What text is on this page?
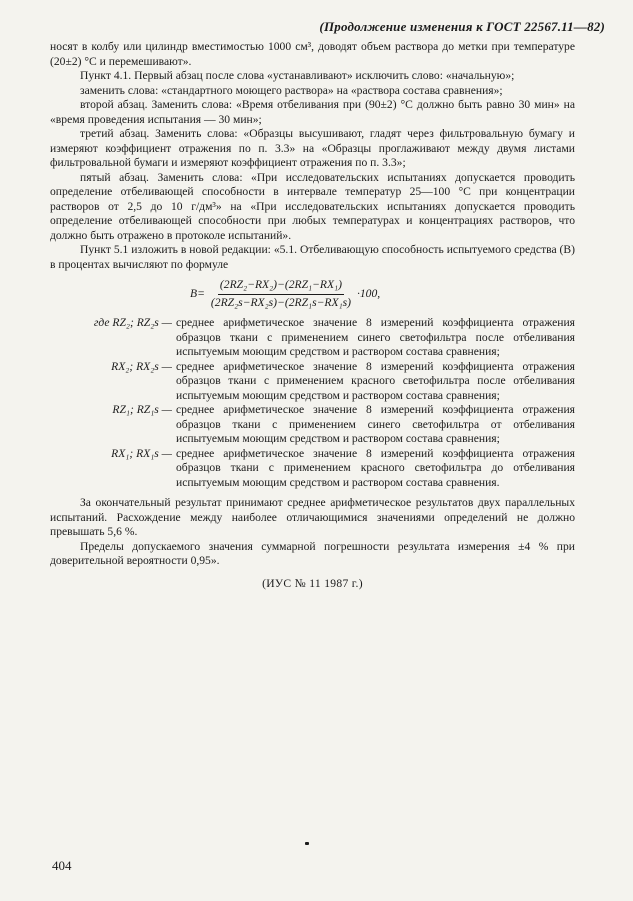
(Продолжение изменения к ГОСТ 22567.11—82)

носят в колбу или цилиндр вместимостью 1000 см³, доводят объем раствора до метки при температуре (20±2) °С и перемешивают».

Пункт 4.1. Первый абзац после слова «устанавливают» исключить слово: «начальную»;

заменить слова: «стандартного моющего раствора» на «раствора состава сравнения»;

второй абзац. Заменить слова: «Время отбеливания при (90±2) °С должно быть равно 30 мин» на «время проведения испытания — 30 мин»;

третий абзац. Заменить слова: «Образцы высушивают, гладят через фильтровальную бумагу и измеряют коэффициент отражения по п. 3.3» на «Образцы проглаживают между двумя листами фильтровальной бумаги и измеряют коэффициент отражения по п. 3.3»;

пятый абзац. Заменить слова: «При исследовательских испытаниях допускается проводить определение отбеливающей способности в интервале температур 25—100 °С при концентрации растворов от 2,5 до 10 г/дм³» на «При исследовательских испытаниях допускается проводить определение отбеливающей способности при любых температурах и концентрациях растворов, что должно быть отражено в протоколе испытаний».

Пункт 5.1 изложить в новой редакции: «5.1. Отбеливающую способность испытуемого средства (B) в процентах вычисляют по формуле

$B= \frac{\text{(2RZ₂−RX₂)−(2RZ₁−RX₁)}}{\text{(2RZ₂s−RX₂s)−(2RZ₁s−RX₁s)}} \cdot 100$,
где RZ₂; RZ₂s — среднее арифметическое значение 8 измерений коэффициента отражения образцов ткани с применением синего светофильтра после отбеливания испытуемым моющим средством и раствором состава сравнения;
RX₂; RX₂s — среднее арифметическое значение 8 измерений коэффициента отражения образцов ткани с применением красного светофильтра после отбеливания испытуемым моющим средством и раствором состава сравнения;
RZ₁; RZ₁s — среднее арифметическое значение 8 измерений коэффициента отражения образцов ткани с применением синего светофильтра от отбеливания испытуемым моющим средством и раствором состава сравнения;
RX₁; RX₁s — среднее арифметическое значение 8 измерений коэффициента отражения образцов ткани с применением красного светофильтра до отбеливания испытуемым моющим средством и раствором состава сравнения.

За окончательный результат принимают среднее арифметическое результатов двух параллельных испытаний. Расхождение между наиболее отличающимися значениями определений не должно превышать 5,6 %.

Пределы допускаемого значения суммарной погрешности результата измерения ±4 % при доверительной вероятности 0,95».

(ИУС № 11 1987 г.)
404
